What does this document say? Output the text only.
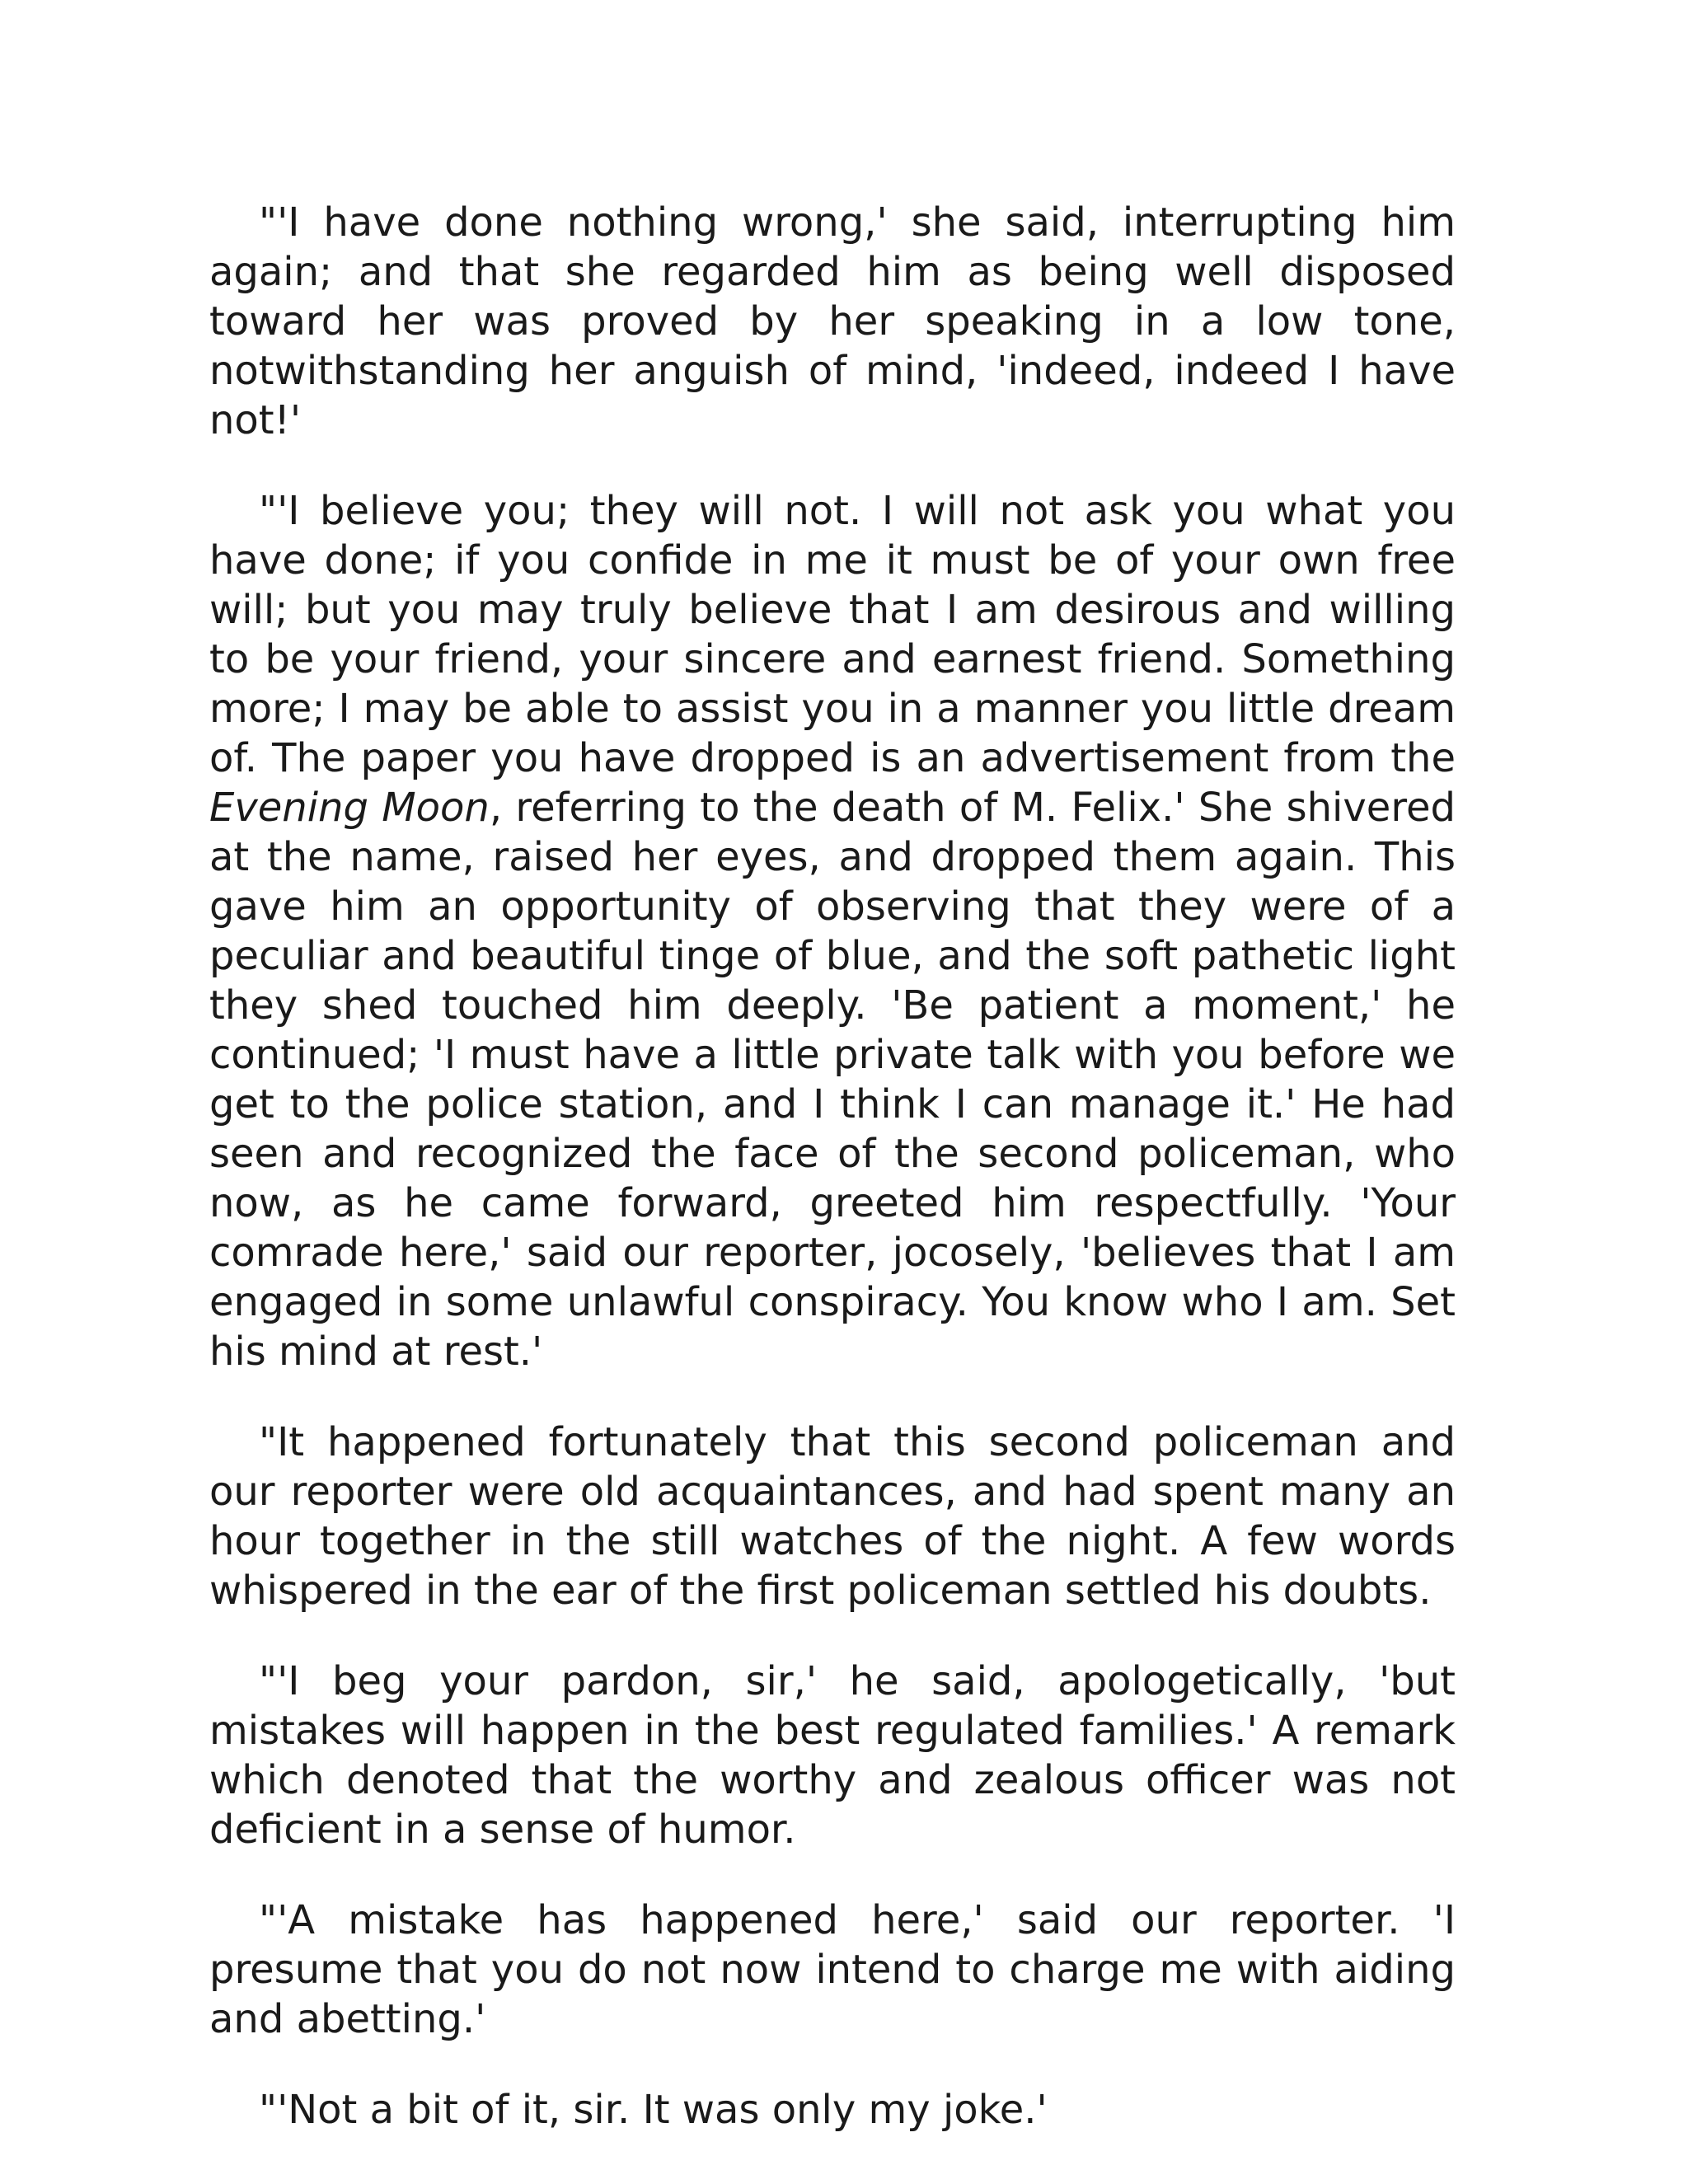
"'I have done nothing wrong,' she said, interrupting him again; and that she regarded him as being well disposed toward her was proved by her speaking in a low tone, notwithstanding her anguish of mind, 'indeed, indeed I have not!'

"'I believe you; they will not. I will not ask you what you have done; if you confide in me it must be of your own free will; but you may truly believe that I am desirous and willing to be your friend, your sincere and earnest friend. Something more; I may be able to assist you in a manner you little dream of. The paper you have dropped is an advertisement from the Evening Moon, referring to the death of M. Felix.' She shivered at the name, raised her eyes, and dropped them again. This gave him an opportunity of observing that they were of a peculiar and beautiful tinge of blue, and the soft pathetic light they shed touched him deeply. 'Be patient a moment,' he continued; 'I must have a little private talk with you before we get to the police station, and I think I can manage it.' He had seen and recognized the face of the second policeman, who now, as he came forward, greeted him respectfully. 'Your comrade here,' said our reporter, jocosely, 'believes that I am engaged in some unlawful conspiracy. You know who I am. Set his mind at rest.'

"It happened fortunately that this second policeman and our reporter were old acquaintances, and had spent many an hour together in the still watches of the night. A few words whispered in the ear of the first policeman settled his doubts.

"'I beg your pardon, sir,' he said, apologetically, 'but mistakes will happen in the best regulated families.' A remark which denoted that the worthy and zealous officer was not deficient in a sense of humor.

"'A mistake has happened here,' said our reporter. 'I presume that you do not now intend to charge me with aiding and abetting.'

"'Not a bit of it, sir. It was only my joke.'
